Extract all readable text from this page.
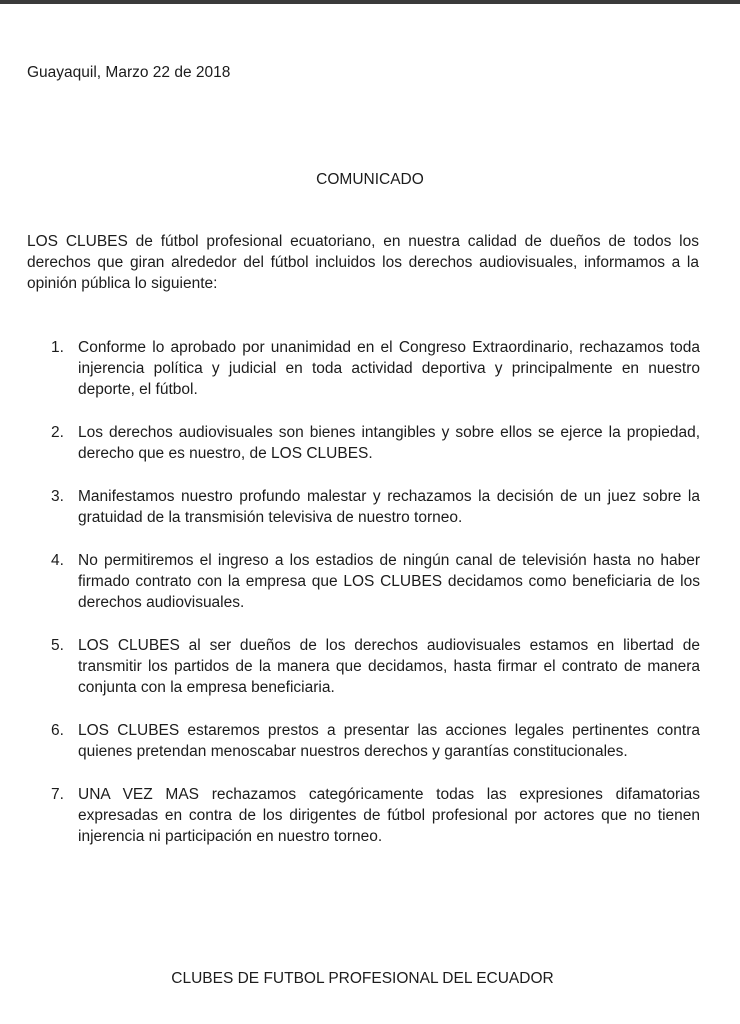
Guayaquil, Marzo 22 de 2018
COMUNICADO
LOS CLUBES de fútbol profesional ecuatoriano, en nuestra calidad de dueños de todos los derechos que giran alrededor del fútbol incluidos los derechos audiovisuales, informamos a la opinión pública lo siguiente:
1. Conforme lo aprobado por unanimidad en el Congreso Extraordinario, rechazamos toda injerencia política y judicial en toda actividad deportiva y principalmente en nuestro deporte, el fútbol.
2. Los derechos audiovisuales son bienes intangibles y sobre ellos se ejerce la propiedad, derecho que es nuestro, de LOS CLUBES.
3. Manifestamos nuestro profundo malestar y rechazamos la decisión de un juez sobre la gratuidad de la transmisión televisiva de nuestro torneo.
4. No permitiremos el ingreso a los estadios de ningún canal de televisión hasta no haber firmado contrato con la empresa que LOS CLUBES decidamos como beneficiaria de los derechos audiovisuales.
5. LOS CLUBES al ser dueños de los derechos audiovisuales estamos en libertad de transmitir los partidos de la manera que decidamos, hasta firmar el contrato de manera conjunta con la empresa beneficiaria.
6. LOS CLUBES estaremos prestos a presentar las acciones legales pertinentes contra quienes pretendan menoscabar nuestros derechos y garantías constitucionales.
7. UNA VEZ MAS rechazamos categóricamente todas las expresiones difamatorias expresadas en contra de los dirigentes de fútbol profesional por actores que no tienen injerencia ni participación en nuestro torneo.
CLUBES DE FUTBOL PROFESIONAL DEL ECUADOR
